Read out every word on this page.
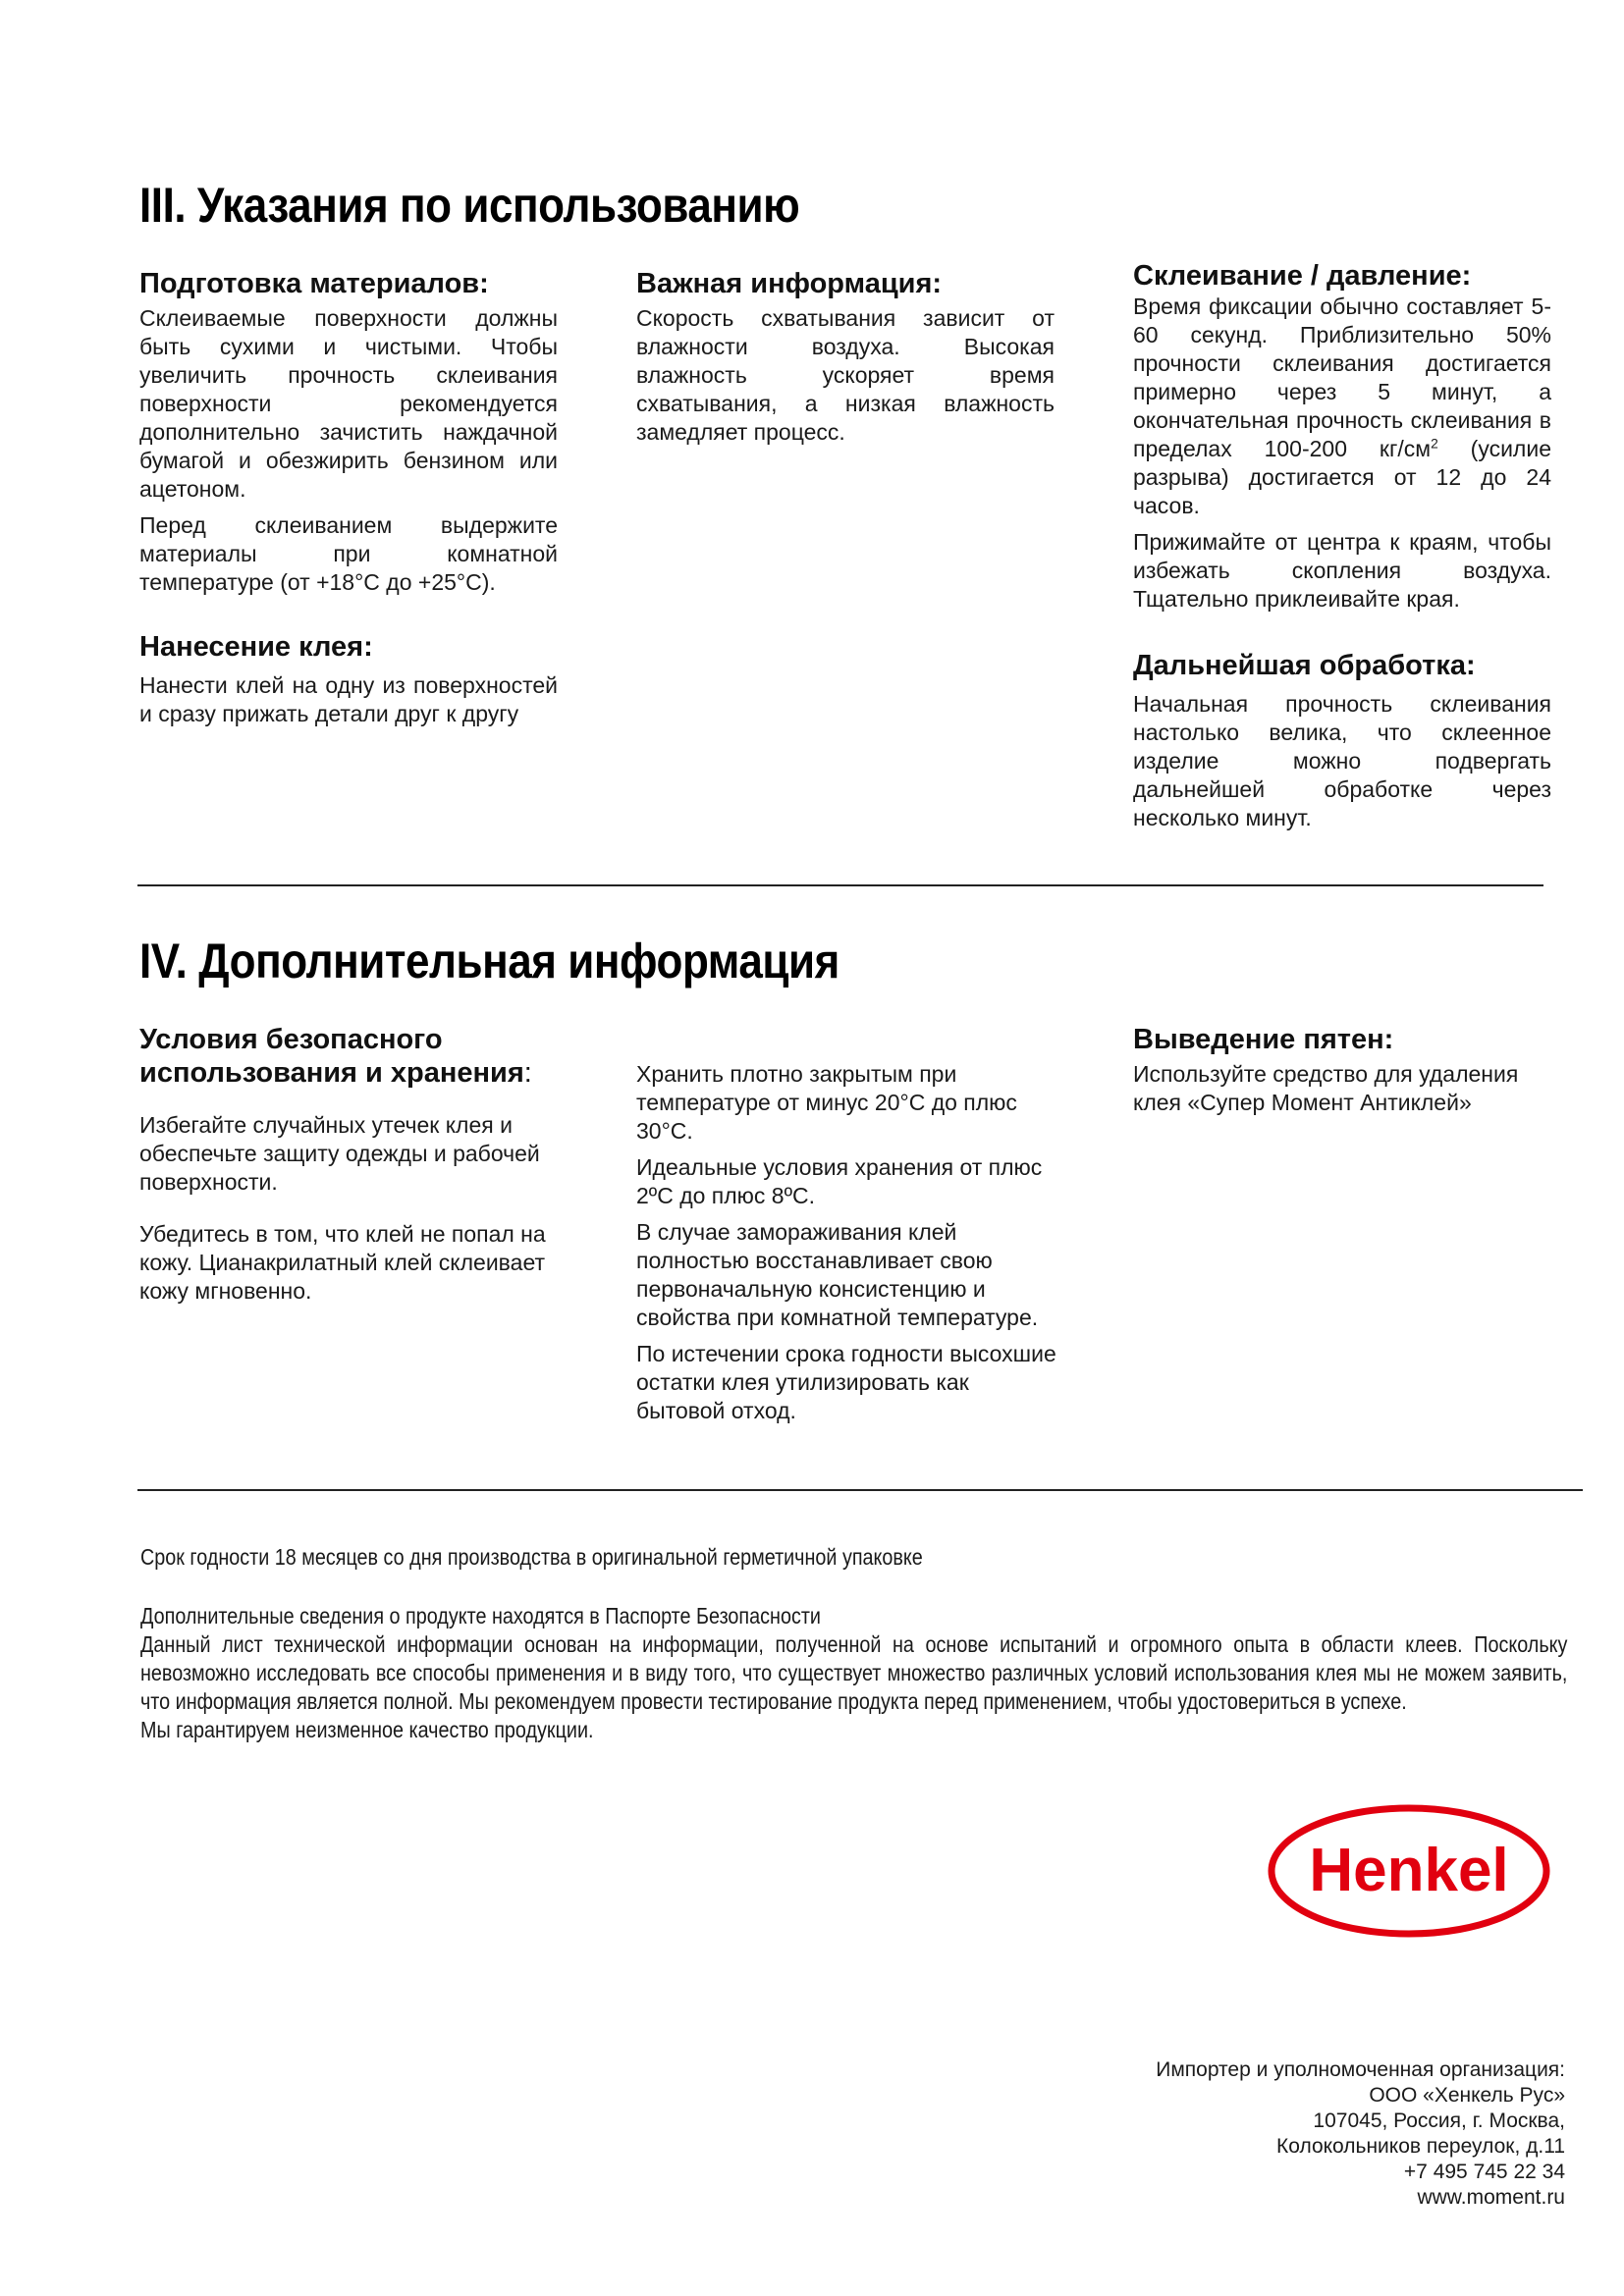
III. Указания по использованию
Подготовка материалов:
Склеиваемые поверхности должны быть сухими и чистыми. Чтобы увеличить прочность склеивания поверхности рекомендуется дополнительно зачистить наждачной бумагой и обезжирить бензином или ацетоном.
Перед склеиванием выдержите материалы при комнатной температуре (от +18°С до +25°С).
Нанесение клея:
Нанести клей на одну из поверхностей и сразу прижать детали друг к другу
Важная информация:
Скорость схватывания зависит от влажности воздуха. Высокая влажность ускоряет время схватывания, а низкая влажность замедляет процесс.
Склеивание / давление:
Время фиксации обычно составляет 5-60 секунд. Приблизительно 50% прочности склеивания достигается примерно через 5 минут, а окончательная прочность склеивания в пределах 100-200 $кг/см^2$ (усилие разрыва) достигается от 12 до 24 часов.
Прижимайте от центра к краям, чтобы избежать скопления воздуха. Тщательно приклеивайте края.
Дальнейшая обработка:
Начальная прочность склеивания настолько велика, что склеенное изделие можно подвергать дальнейшей обработке через несколько минут.
IV. Дополнительная информация
Условия безопасного использования и хранения:
Избегайте случайных утечек клея и обеспечьте защиту одежды и рабочей поверхности.
Убедитесь в том, что клей не попал на кожу. Цианакрилатный клей склеивает кожу мгновенно.
Хранить плотно закрытым при температуре от минус 20°С до плюс 30°С.
Идеальные условия хранения от плюс 2ºС до плюс 8ºС.
В случае замораживания клей полностью восстанавливает свою первоначальную консистенцию и свойства при комнатной температуре.
По истечении срока годности высохшие остатки клея утилизировать как бытовой отход.
Выведение пятен:
Используйте средство для удаления клея «Супер Момент Антиклей»
Срок годности 18 месяцев со дня производства в оригинальной герметичной упаковке
Дополнительные сведения о продукте находятся в Паспорте Безопасности
Данный лист технической информации основан на информации, полученной на основе испытаний и огромного опыта в области клеев. Поскольку невозможно исследовать все способы применения и в виду того, что существует множество различных условий использования клея мы не можем заявить, что информация является полной. Мы рекомендуем провести тестирование продукта перед применением, чтобы удостовериться в успехе.
Мы гарантируем неизменное качество продукции.
Henkel
Импортер и уполномоченная организация:
ООО «Хенкель Рус»
107045, Россия, г. Москва,
Колокольников переулок, д.11
+7 495 745 22 34
www.moment.ru
